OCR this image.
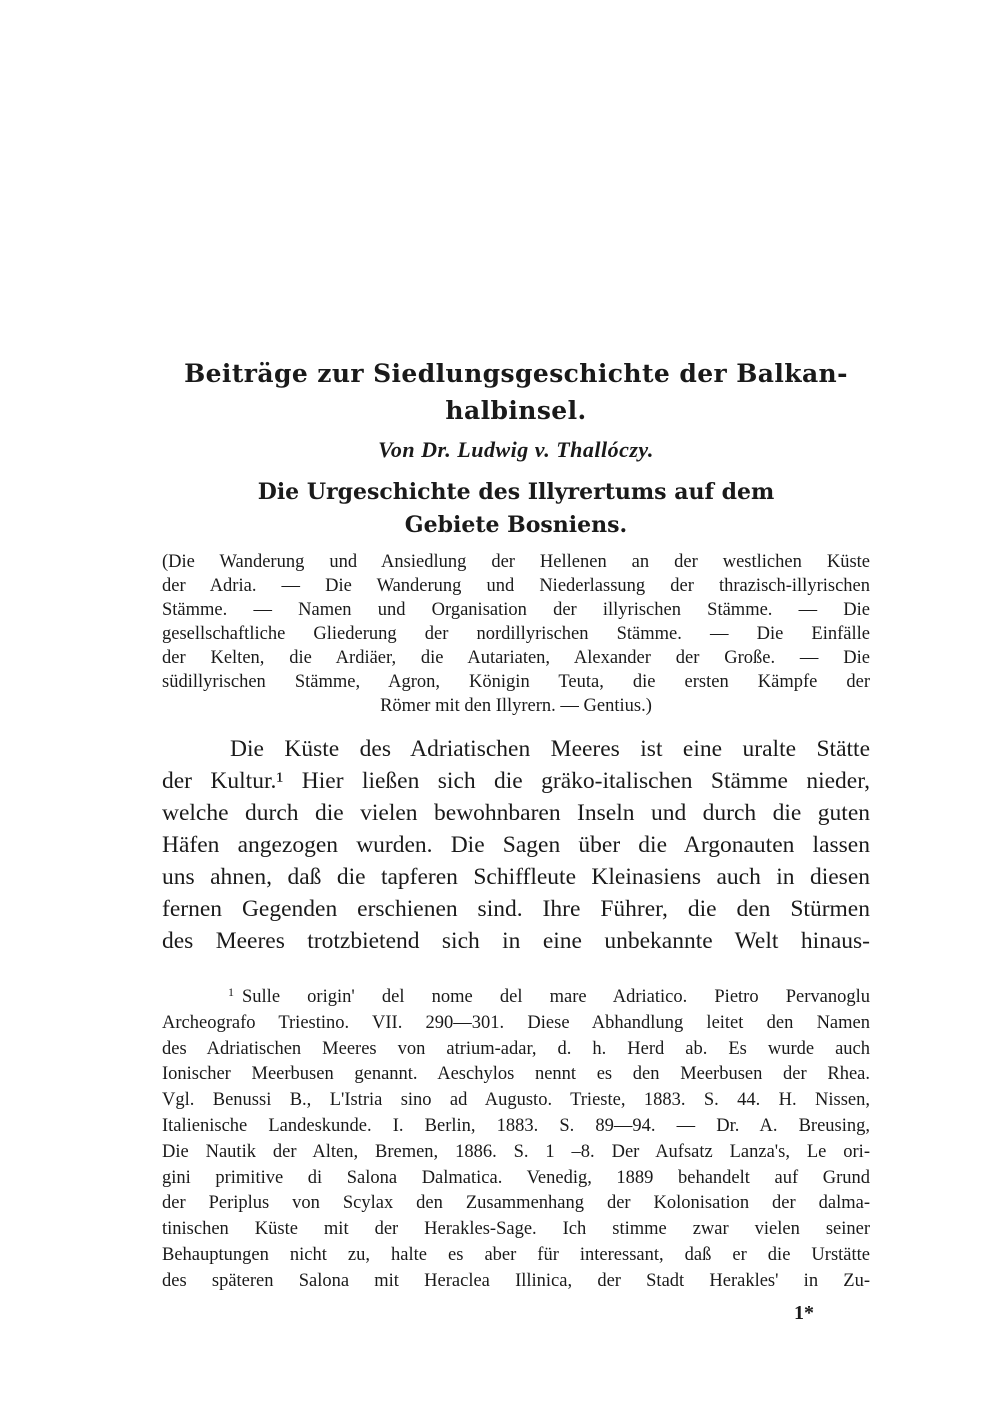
Beiträge zur Siedlungsgeschichte der Balkan-
halbinsel.
Von Dr. Ludwig v. Thallóczy.
Die Urgeschichte des Illyrertums auf dem
Gebiete Bosniens.
(Die Wanderung und Ansiedlung der Hellenen an der westlichen Küste
der Adria. — Die Wanderung und Niederlassung der thrazisch-illyrischen
Stämme. — Namen und Organisation der illyrischen Stämme. — Die
gesellschaftliche Gliederung der nordillyrischen Stämme. — Die Einfälle
der Kelten, die Ardiäer, die Autariaten, Alexander der Große. — Die
südillyrischen Stämme, Agron, Königin Teuta, die ersten Kämpfe der
Römer mit den Illyrern. — Gentius.)
Die Küste des Adriatischen Meeres ist eine uralte Stätte
der Kultur.¹ Hier ließen sich die gräko-italischen Stämme nieder,
welche durch die vielen bewohnbaren Inseln und durch die guten
Häfen angezogen wurden. Die Sagen über die Argonauten lassen
uns ahnen, daß die tapferen Schiffleute Kleinasiens auch in diesen
fernen Gegenden erschienen sind. Ihre Führer, die den Stürmen
des Meeres trotzbietend sich in eine unbekannte Welt hinaus-
$^1$ Sulle origin' del nome del mare Adriatico. Pietro Pervanoglu
Archeografo Triestino. VII. 290—301. Diese Abhandlung leitet den Namen
des Adriatischen Meeres von atrium-adar, d. h. Herd ab. Es wurde auch
Ionischer Meerbusen genannt. Aeschylos nennt es den Meerbusen der Rhea.
Vgl. Benussi B., L'Istria sino ad Augusto. Trieste, 1883. S. 44. H. Nissen,
Italienische Landeskunde. I. Berlin, 1883. S. 89—94. — Dr. A. Breusing,
Die Nautik der Alten, Bremen, 1886. S. 1 –8. Der Aufsatz Lanza's, Le ori-
gini primitive di Salona Dalmatica. Venedig, 1889 behandelt auf Grund
der Periplus von Scylax den Zusammenhang der Kolonisation der dalma-
tinischen Küste mit der Herakles-Sage. Ich stimme zwar vielen seiner
Behauptungen nicht zu, halte es aber für interessant, daß er die Urstätte
des späteren Salona mit Heraclea Illinica, der Stadt Herakles' in Zu-
1*
